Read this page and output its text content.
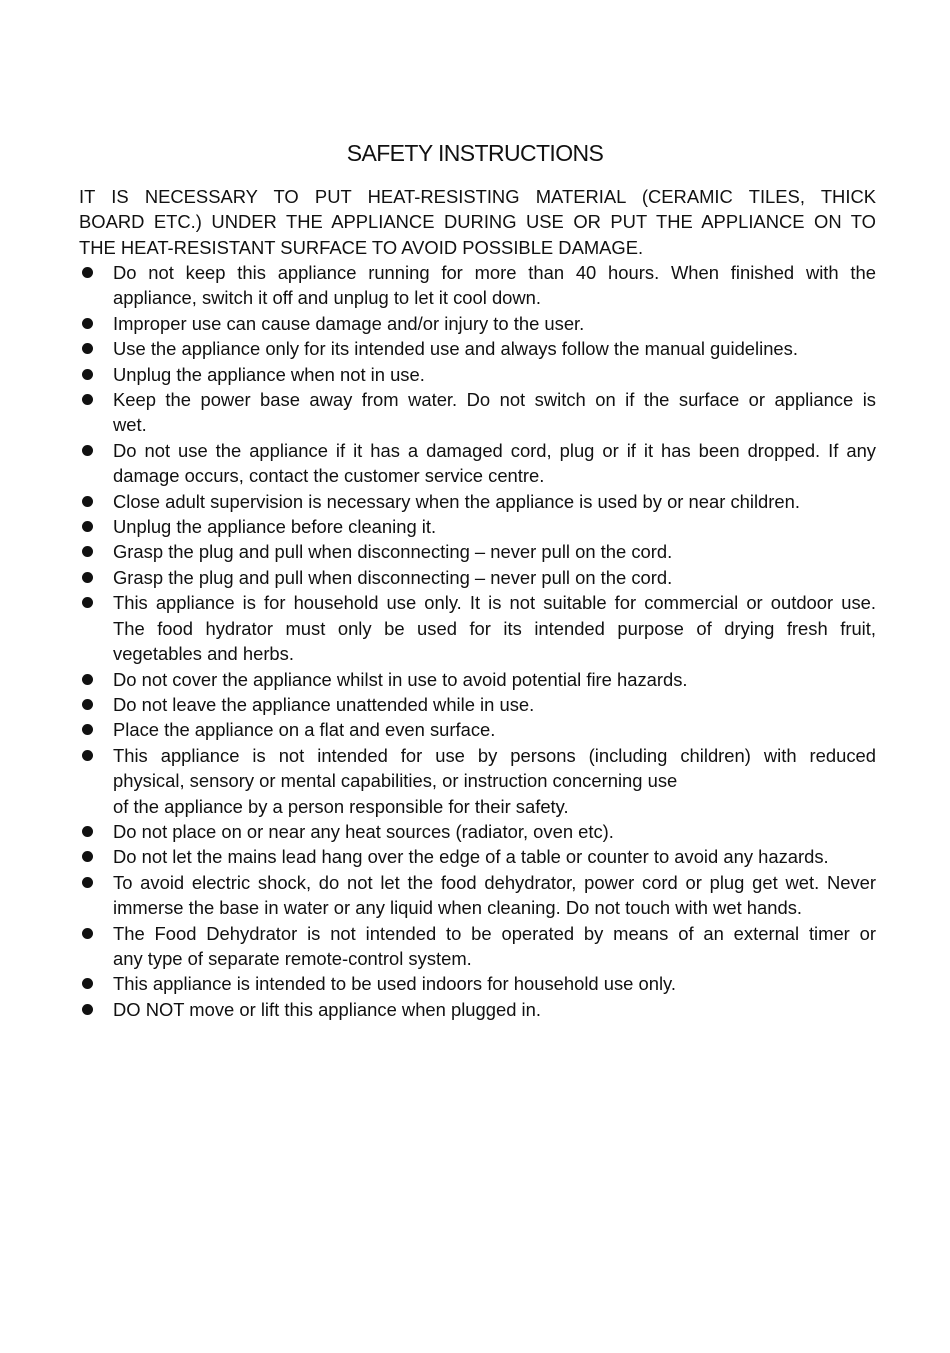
SAFETY INSTRUCTIONS

IT IS NECESSARY TO PUT HEAT-RESISTING MATERIAL (CERAMIC TILES, THICK
BOARD ETC.) UNDER THE APPLIANCE DURING USE OR PUT THE APPLIANCE ON TO
THE HEAT-RESISTANT SURFACE TO AVOID POSSIBLE DAMAGE.

Do not keep this appliance running for more than 40 hours. When finished with the
appliance, switch it off and unplug to let it cool down.
Improper use can cause damage and/or injury to the user.
Use the appliance only for its intended use and always follow the manual guidelines.
Unplug the appliance when not in use.
Keep the power base away from water. Do not switch on if the surface or appliance is
wet.
Do not use the appliance if it has a damaged cord, plug or if it has been dropped. If any
damage occurs, contact the customer service centre.
Close adult supervision is necessary when the appliance is used by or near children.
Unplug the appliance before cleaning it.
Grasp the plug and pull when disconnecting – never pull on the cord.
Grasp the plug and pull when disconnecting – never pull on the cord.
This appliance is for household use only. It is not suitable for commercial or outdoor use.
The food hydrator must only be used for its intended purpose of drying fresh fruit,
vegetables and herbs.
Do not cover the appliance whilst in use to avoid potential fire hazards.
Do not leave the appliance unattended while in use.
Place the appliance on a flat and even surface.
This appliance is not intended for use by persons (including children) with reduced
physical, sensory or mental capabilities, or instruction concerning use
of the appliance by a person responsible for their safety.
Do not place on or near any heat sources (radiator, oven etc).
Do not let the mains lead hang over the edge of a table or counter to avoid any hazards.
To avoid electric shock, do not let the food dehydrator, power cord or plug get wet. Never
immerse the base in water or any liquid when cleaning. Do not touch with wet hands.
The Food Dehydrator is not intended to be operated by means of an external timer or
any type of separate remote-control system.
This appliance is intended to be used indoors for household use only.
DO NOT move or lift this appliance when plugged in.
